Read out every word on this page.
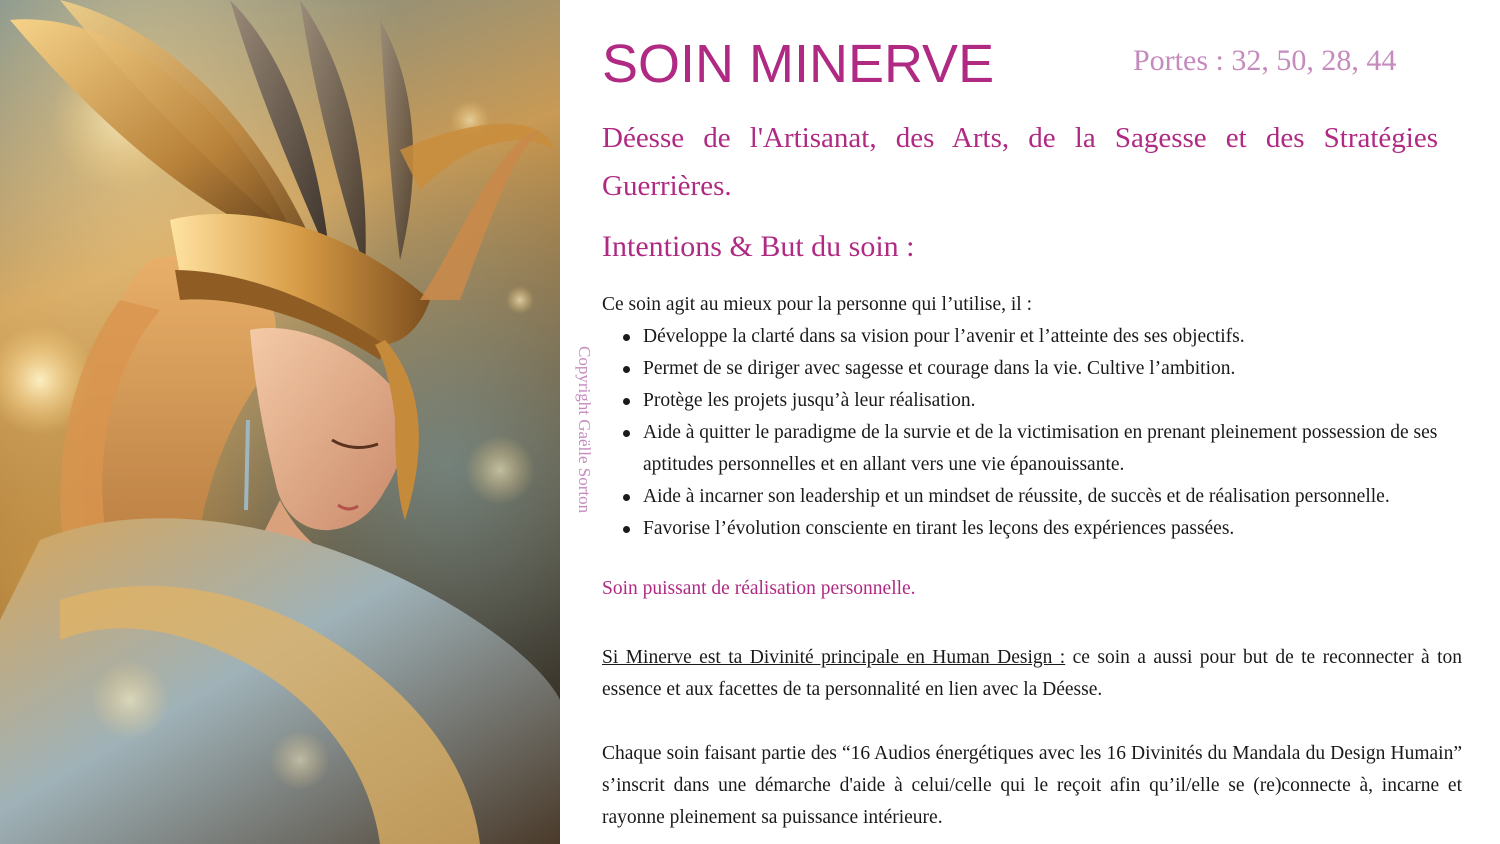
Copyright Gaëlle Sorton
SOIN MINERVE	Portes : 32, 50, 28, 44
Déesse de l'Artisanat, des Arts, de la Sagesse et des Stratégies Guerrières.
Intentions & But du soin :
Ce soin agit au mieux pour la personne qui l’utilise, il :
Développe la clarté dans sa vision pour l’avenir et l’atteinte des ses objectifs.
Permet de se diriger avec sagesse et courage dans la vie. Cultive l’ambition.
Protège les projets jusqu’à leur réalisation.
Aide à quitter le paradigme de la survie et de la victimisation en prenant pleinement possession de ses aptitudes personnelles et en allant vers une vie épanouissante.
Aide à incarner son leadership et un mindset de réussite, de succès et de réalisation personnelle.
Favorise l’évolution consciente en tirant les leçons des expériences passées.
Soin puissant de réalisation personnelle.
Si Minerve est ta Divinité principale en Human Design : ce soin a aussi pour but de te reconnecter à ton essence et aux facettes de ta personnalité en lien avec la Déesse.
Chaque soin faisant partie des “16 Audios énergétiques avec les 16 Divinités du Mandala du Design Humain” s’inscrit dans une démarche d'aide à celui/celle qui le reçoit afin qu’il/elle se (re)connecte à, incarne et rayonne pleinement sa puissance intérieure.
